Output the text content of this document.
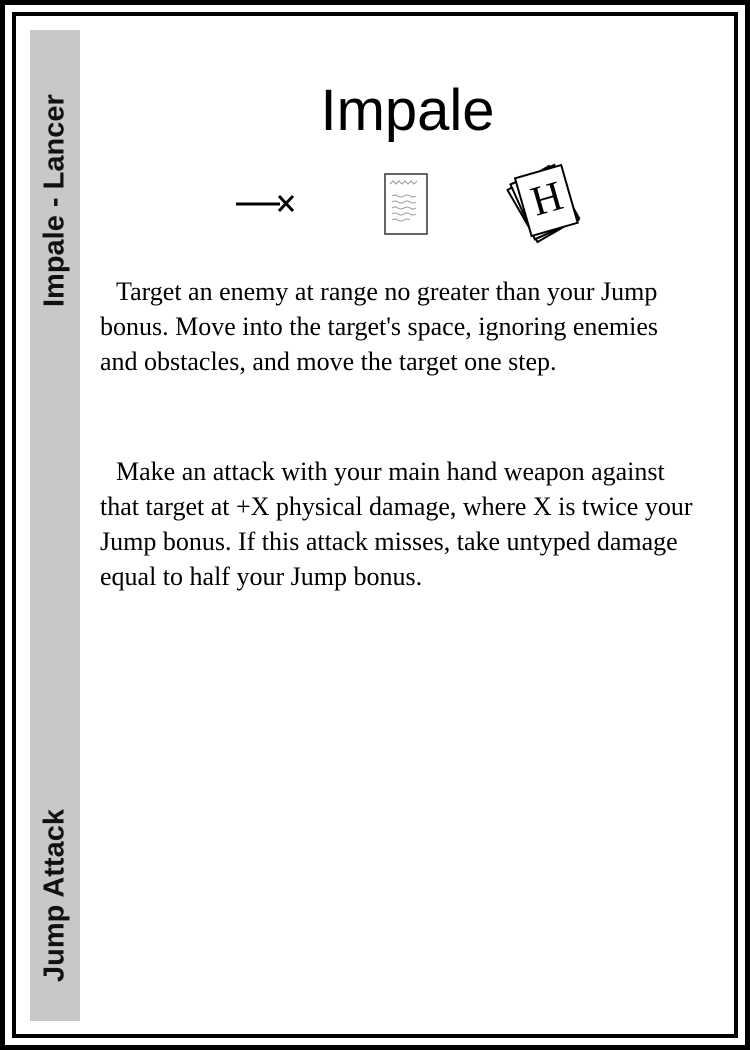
Impale - Lancer
Jump Attack
Impale
H
Target an enemy at range no greater than your Jump bonus. Move into the target's space, ignoring enemies and obstacles, and move the target one step.
Make an attack with your main hand weapon against that target at +X physical damage, where X is twice your Jump bonus. If this attack misses, take untyped damage equal to half your Jump bonus.
